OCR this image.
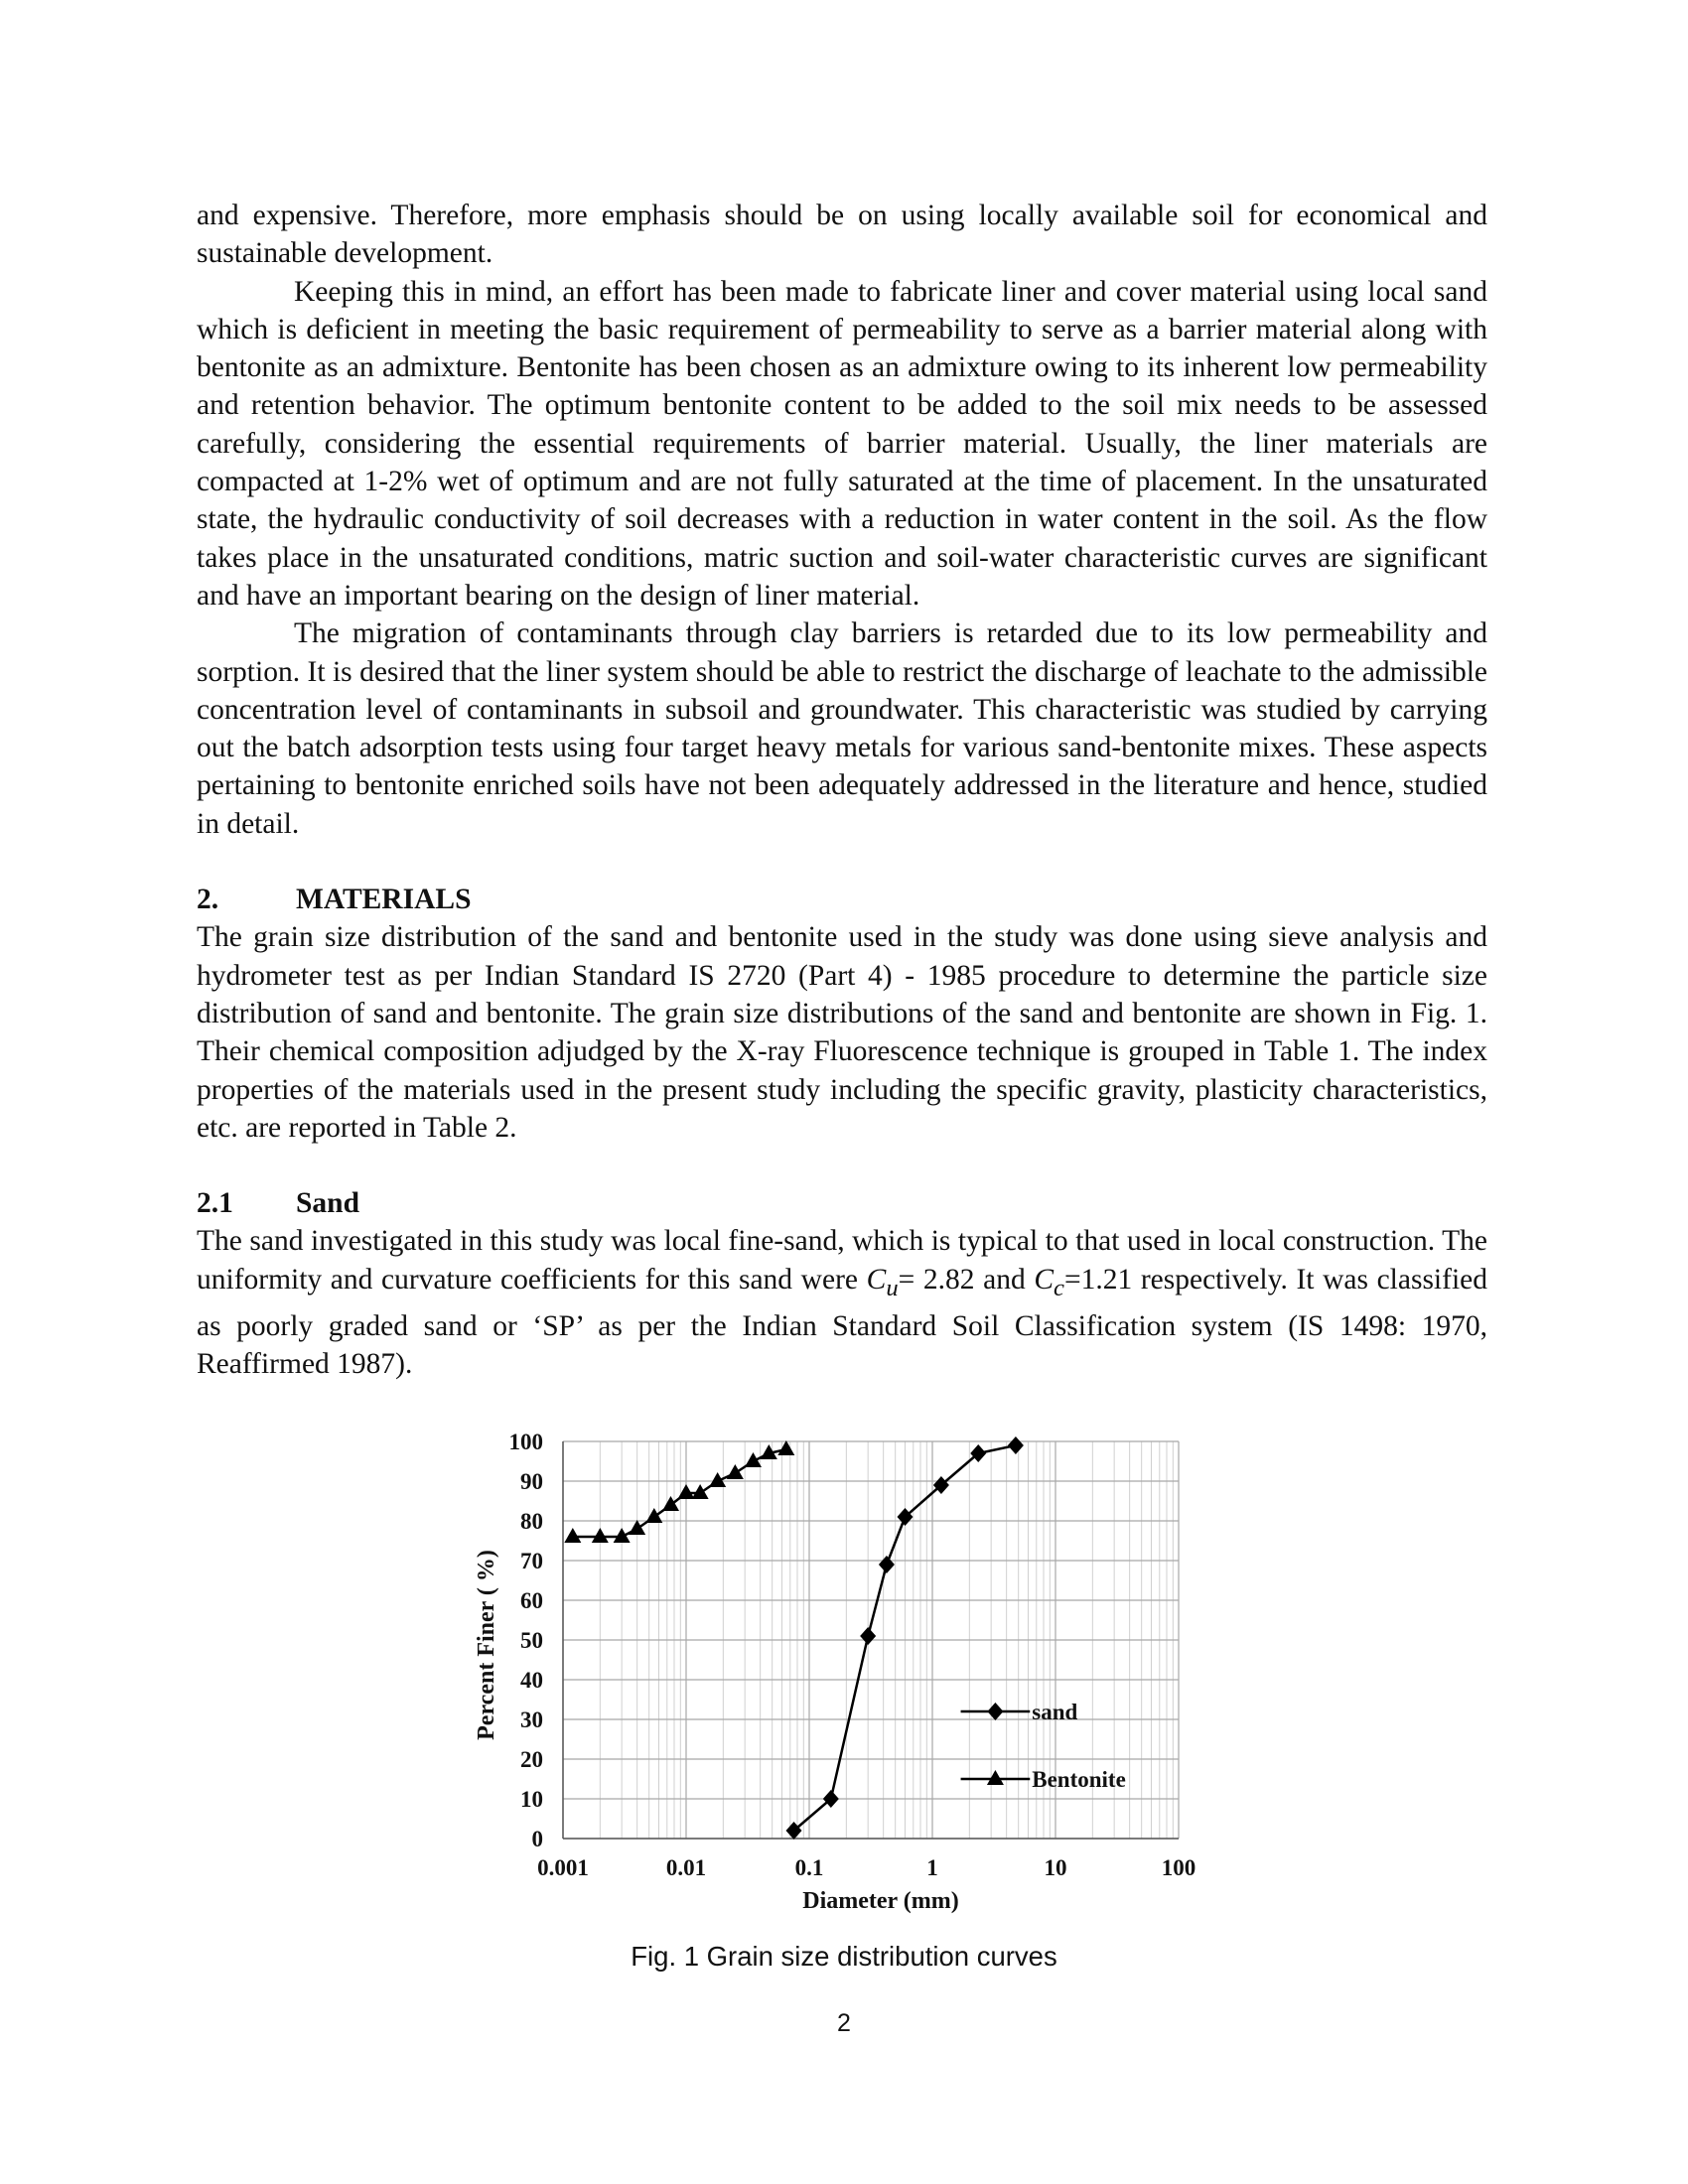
and expensive. Therefore, more emphasis should be on using locally available soil for economical and sustainable development.

Keeping this in mind, an effort has been made to fabricate liner and cover material using local sand which is deficient in meeting the basic requirement of permeability to serve as a barrier material along with bentonite as an admixture. Bentonite has been chosen as an admixture owing to its inherent low permeability and retention behavior. The optimum bentonite content to be added to the soil mix needs to be assessed carefully, considering the essential requirements of barrier material. Usually, the liner materials are compacted at 1-2% wet of optimum and are not fully saturated at the time of placement. In the unsaturated state, the hydraulic conductivity of soil decreases with a reduction in water content in the soil. As the flow takes place in the unsaturated conditions, matric suction and soil-water characteristic curves are significant and have an important bearing on the design of liner material.

The migration of contaminants through clay barriers is retarded due to its low permeability and sorption. It is desired that the liner system should be able to restrict the discharge of leachate to the admissible concentration level of contaminants in subsoil and groundwater. This characteristic was studied by carrying out the batch adsorption tests using four target heavy metals for various sand-bentonite mixes. These aspects pertaining to bentonite enriched soils have not been adequately addressed in the literature and hence, studied in detail.

2.	MATERIALS

The grain size distribution of the sand and bentonite used in the study was done using sieve analysis and hydrometer test as per Indian Standard IS 2720 (Part 4) - 1985 procedure to determine the particle size distribution of sand and bentonite. The grain size distributions of the sand and bentonite are shown in Fig. 1. Their chemical composition adjudged by the X-ray Fluorescence technique is grouped in Table 1. The index properties of the materials used in the present study including the specific gravity, plasticity characteristics, etc. are reported in Table 2.

2.1	Sand

The sand investigated in this study was local fine-sand, which is typical to that used in local construction. The uniformity and curvature coefficients for this sand were $C_u= 2.82$ and $C_c=1.21$ respectively. It was classified as poorly graded sand or ‘SP’ as per the Indian Standard Soil Classification system (IS 1498: 1970, Reaffirmed 1987).

0
10
20
30
40
50
60
70
80
90
100
0.001	0.01	0.1	1	10	100
Diameter (mm)
Percent Finer ( %)	sand
Bentonite
Fig. 1 Grain size distribution curves
2
